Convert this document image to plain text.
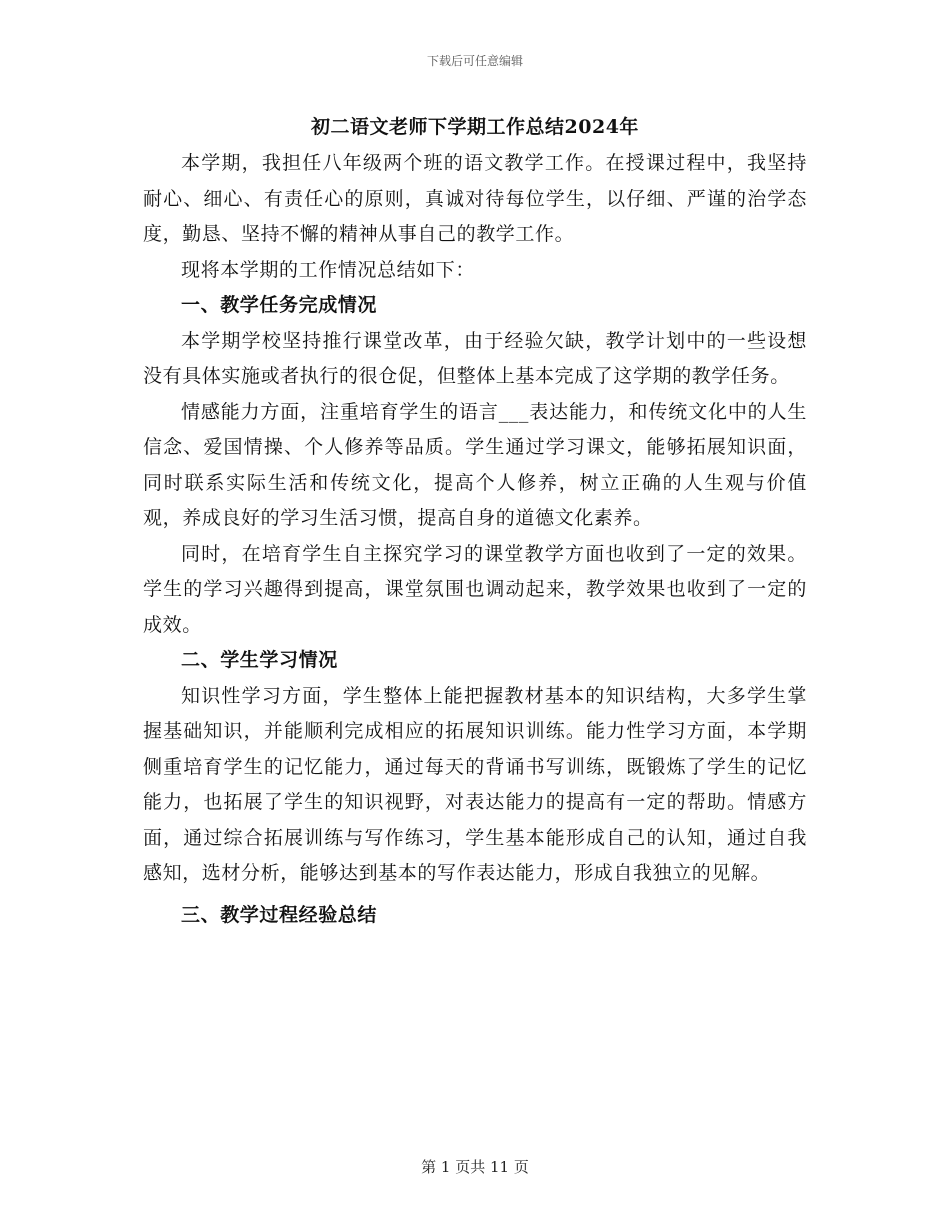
下载后可任意编辑
初二语文老师下学期工作总结2024年

本学期，我担任八年级两个班的语文教学工作。在授课过程中，我坚持耐心、细心、有责任心的原则，真诚对待每位学生，以仔细、严谨的治学态度，勤恳、坚持不懈的精神从事自己的教学工作。

现将本学期的工作情况总结如下：

一、教学任务完成情况

本学期学校坚持推行课堂改革，由于经验欠缺，教学计划中的一些设想没有具体实施或者执行的很仓促，但整体上基本完成了这学期的教学任务。

情感能力方面，注重培育学生的语言___表达能力，和传统文化中的人生信念、爱国情操、个人修养等品质。学生通过学习课文，能够拓展知识面，同时联系实际生活和传统文化，提高个人修养，树立正确的人生观与价值观，养成良好的学习生活习惯，提高自身的道德文化素养。

同时，在培育学生自主探究学习的课堂教学方面也收到了一定的效果。学生的学习兴趣得到提高，课堂氛围也调动起来，教学效果也收到了一定的成效。

二、学生学习情况

知识性学习方面，学生整体上能把握教材基本的知识结构，大多学生掌握基础知识，并能顺利完成相应的拓展知识训练。能力性学习方面，本学期侧重培育学生的记忆能力，通过每天的背诵书写训练，既锻炼了学生的记忆能力，也拓展了学生的知识视野，对表达能力的提高有一定的帮助。情感方面，通过综合拓展训练与写作练习，学生基本能形成自己的认知，通过自我感知，选材分析，能够达到基本的写作表达能力，形成自我独立的见解。

三、教学过程经验总结

第 1 页共 11 页
